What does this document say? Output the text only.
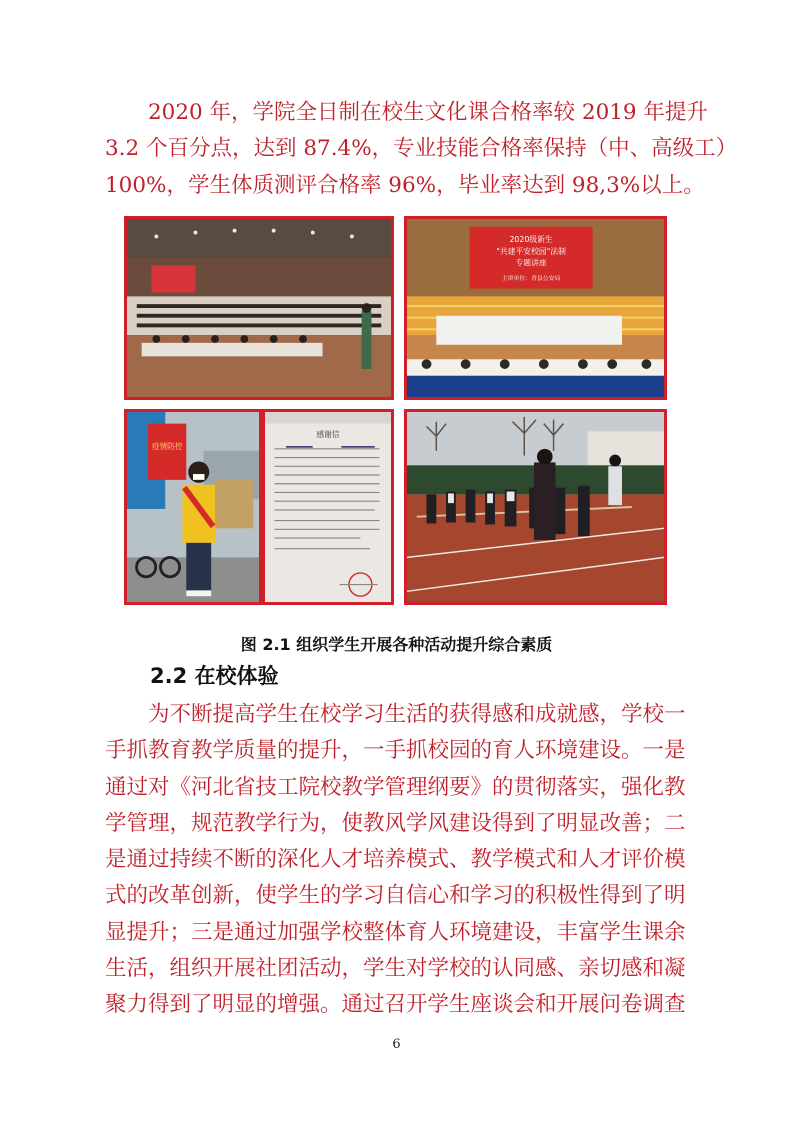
2020 年，学院全日制在校生文化课合格率较 2019 年提升
3.2 个百分点，达到 87.4%，专业技能合格率保持（中、高级工）
100%，学生体质测评合格率 96%，毕业率达到 98,3%以上。
2020级新生
"共建平安校园"法制
专题讲座
主讲单位：青县公安局
疫情防控
感谢信
图 2.1 组织学生开展各种活动提升综合素质
2.2 在校体验
为不断提高学生在校学习生活的获得感和成就感，学校一
手抓教育教学质量的提升，一手抓校园的育人环境建设。一是
通过对《河北省技工院校教学管理纲要》的贯彻落实，强化教
学管理，规范教学行为，使教风学风建设得到了明显改善；二
是通过持续不断的深化人才培养模式、教学模式和人才评价模
式的改革创新，使学生的学习自信心和学习的积极性得到了明
显提升；三是通过加强学校整体育人环境建设，丰富学生课余
生活，组织开展社团活动，学生对学校的认同感、亲切感和凝
聚力得到了明显的增强。通过召开学生座谈会和开展问卷调查
6
